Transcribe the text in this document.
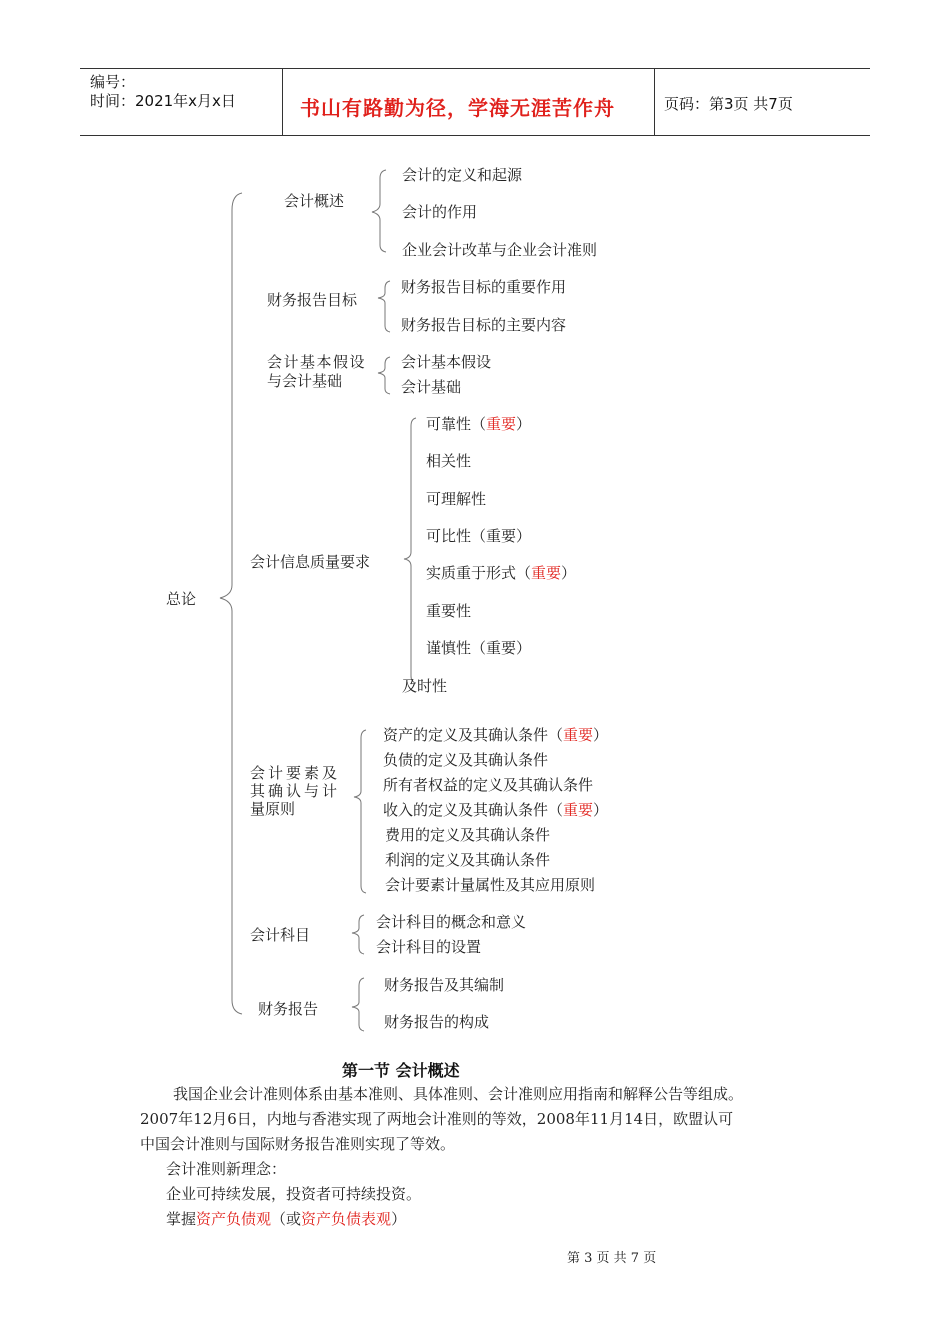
编号：
时间：2021年x月x日	书山有路勤为径，学海无涯苦作舟	页码：第3页 共7页
总论
会计概述
会计的定义和起源
会计的作用
企业会计改革与企业会计准则
财务报告目标
财务报告目标的重要作用
财务报告目标的主要内容
会计基本假设
与会计基础
会计基本假设
会计基础
会计信息质量要求
可靠性（重要）
相关性
可理解性
可比性（重要）
实质重于形式（重要）
重要性
谨慎性（重要）
及时性
会计要素及
其确认与计
量原则
资产的定义及其确认条件（重要）
负债的定义及其确认条件
所有者权益的定义及其确认条件
收入的定义及其确认条件（重要）
费用的定义及其确认条件
利润的定义及其确认条件
会计要素计量属性及其应用原则
会计科目
会计科目的概念和意义
会计科目的设置
财务报告
财务报告及其编制
财务报告的构成
第一节 会计概述
我国企业会计准则体系由基本准则、具体准则、会计准则应用指南和解释公告等组成。
2007年12月6日，内地与香港实现了两地会计准则的等效，2008年11月14日，欧盟认可
中国会计准则与国际财务报告准则实现了等效。
会计准则新理念：
企业可持续发展，投资者可持续投资。
掌握资产负债观（或资产负债表观）
第 3 页 共 7 页
